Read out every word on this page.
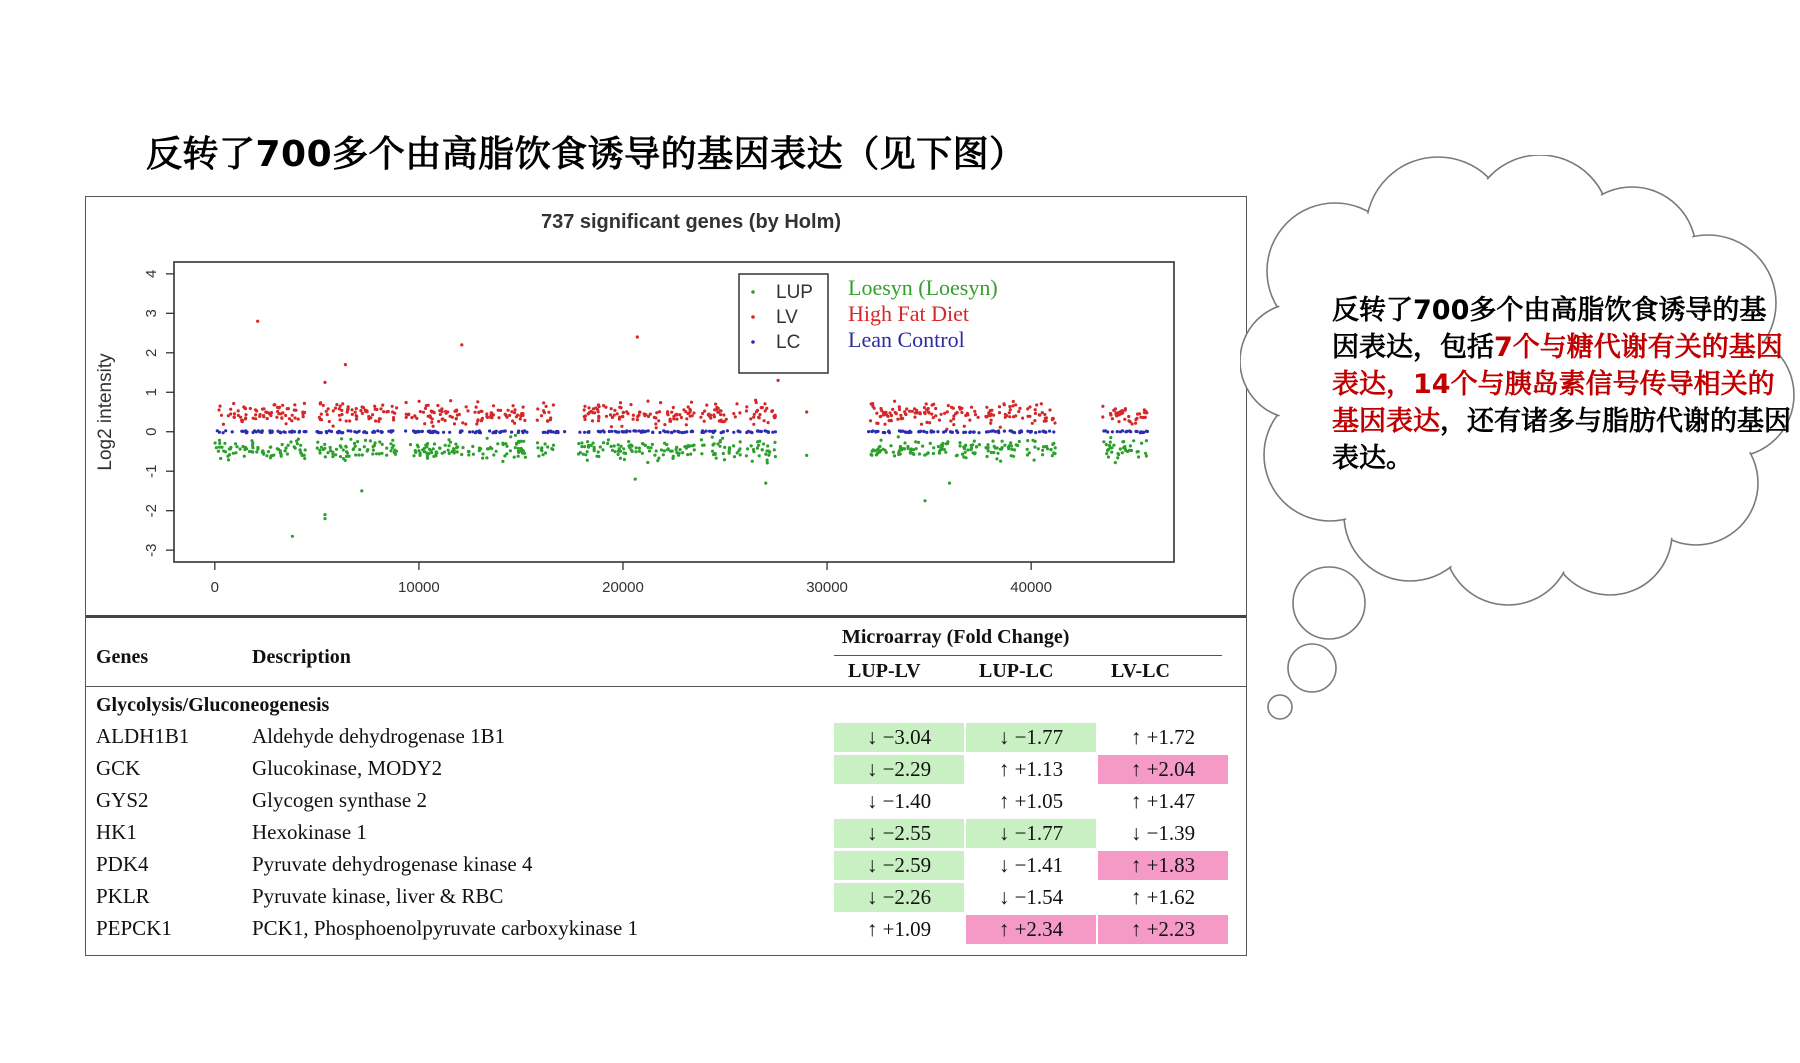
反转了700多个由高脂饮食诱导的基因表达（见下图）
737 significant genes (by Holm)
Log2 intensity
-3
-2
-1
0
1
2
3
4
0	10000	20000	30000	40000
LUP
LV
LC
Loesyn (Loesyn)
High Fat Diet
Lean Control
Genes	Description
Microarray (Fold Change)
LUP-LV	LUP-LC	LV-LC
Glycolysis/Gluconeogenesis
ALDH1B1	Aldehyde dehydrogenase 1B1	↓ −3.04	↓ −1.77	↑ +1.72
GCK	Glucokinase, MODY2	↓ −2.29	↑ +1.13	↑ +2.04
GYS2	Glycogen synthase 2	↓ −1.40	↑ +1.05	↑ +1.47
HK1	Hexokinase 1	↓ −2.55	↓ −1.77	↓ −1.39
PDK4	Pyruvate dehydrogenase kinase 4	↓ −2.59	↓ −1.41	↑ +1.83
PKLR	Pyruvate kinase, liver & RBC	↓ −2.26	↓ −1.54	↑ +1.62
PEPCK1	PCK1, Phosphoenolpyruvate carboxykinase 1	↑ +1.09	↑ +2.34	↑ +2.23
反转了700多个由高脂饮食诱导的基因表达，包括7个与糖代谢有关的基因表达，14个与胰岛素信号传导相关的基因表达，还有诸多与脂肪代谢的基因表达。
